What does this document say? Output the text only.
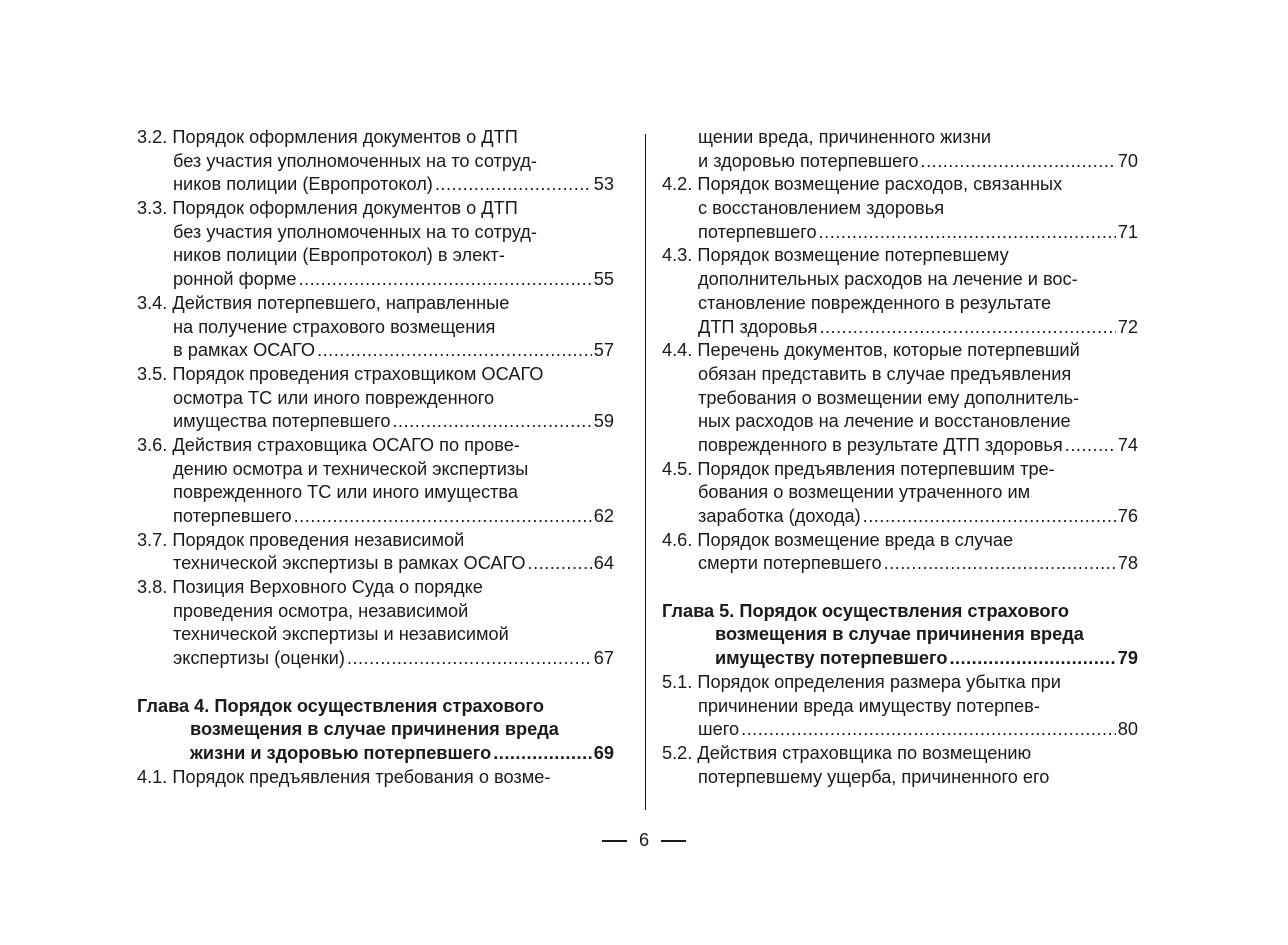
3.2. Порядок оформления документов о ДТП
без участия уполномоченных на то сотруд-
ников полиции (Европротокол) .....	53
3.3. Порядок оформления документов о ДТП
без участия уполномоченных на то сотруд-
ников полиции (Европротокол) в элект-
ронной форме .....	55
3.4. Действия потерпевшего, направленные
на получение страхового возмещения
в рамках ОСАГО .....	57
3.5. Порядок проведения страховщиком ОСАГО
осмотра ТС или иного поврежденного
имущества потерпевшего .....	59
3.6. Действия страховщика ОСАГО по прове-
дению осмотра и технической экспертизы
поврежденного ТС или иного имущества
потерпевшего .....	62
3.7. Порядок проведения независимой
технической экспертизы в рамках ОСАГО .....	64
3.8. Позиция Верховного Суда о порядке
проведения осмотра, независимой
технической экспертизы и независимой
экспертизы (оценки) .....	67
Глава 4. Порядок осуществления страхового
возмещения в случае причинения вреда
жизни и здоровью потерпевшего .....	69
4.1. Порядок предъявления требования о возме-
щении вреда, причиненного жизни
и здоровью потерпевшего .....	70
4.2. Порядок возмещение расходов, связанных
с восстановлением здоровья
потерпевшего .....	71
4.3. Порядок возмещение потерпевшему
дополнительных расходов на лечение и вос-
становление поврежденного в результате
ДТП здоровья .....	72
4.4. Перечень документов, которые потерпевший
обязан представить в случае предъявления
требования о возмещении ему дополнитель-
ных расходов на лечение и восстановление
поврежденного в результате ДТП здоровья .....	74
4.5. Порядок предъявления потерпевшим тре-
бования о возмещении утраченного им
заработка (дохода) .....	76
4.6. Порядок возмещение вреда в случае
смерти потерпевшего .....	78
Глава 5. Порядок осуществления страхового
возмещения в случае причинения вреда
имуществу потерпевшего .....	79
5.1. Порядок определения размера убытка при
причинении вреда имуществу потерпев-
шего .....	80
5.2. Действия страховщика по возмещению
потерпевшему ущерба, причиненного его
6
